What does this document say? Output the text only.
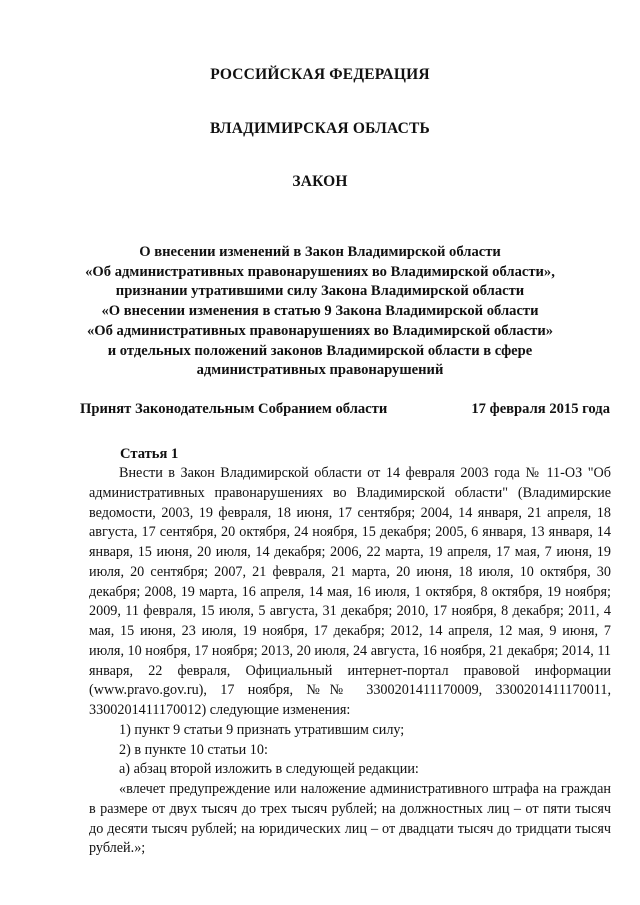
РОССИЙСКАЯ ФЕДЕРАЦИЯ
ВЛАДИМИРСКАЯ ОБЛАСТЬ
ЗАКОН
О внесении изменений в Закон Владимирской области
«Об административных правонарушениях во Владимирской области»,
признании утратившими силу Закона Владимирской области
«О внесении изменения в статью 9 Закона Владимирской области
«Об административных правонарушениях во Владимирской области»
и отдельных положений законов Владимирской области в сфере
административных правонарушений
Принят Законодательным Собранием области	17 февраля 2015 года
Статья 1

Внести в Закон Владимирской области от 14 февраля 2003 года № 11-ОЗ "Об административных правонарушениях во Владимирской области" (Владимирские ведомости, 2003, 19 февраля, 18 июня, 17 сентября; 2004, 14 января, 21 апреля, 18 августа, 17 сентября, 20 октября, 24 ноября, 15 декабря; 2005, 6 января, 13 января, 14 января, 15 июня, 20 июля, 14 декабря; 2006, 22 марта, 19 апреля, 17 мая, 7 июня, 19 июля, 20 сентября; 2007, 21 февраля, 21 марта, 20 июня, 18 июля, 10 октября, 30 декабря; 2008, 19 марта, 16 апреля, 14 мая, 16 июля, 1 октября, 8 октября, 19 ноября; 2009, 11 февраля, 15 июля, 5 августа, 31 декабря; 2010, 17 ноября, 8 декабря; 2011, 4 мая, 15 июня, 23 июля, 19 ноября, 17 декабря; 2012, 14 апреля, 12 мая, 9 июня, 7 июля, 10 ноября, 17 ноября; 2013, 20 июля, 24 августа, 16 ноября, 21 декабря; 2014, 11 января, 22 февраля, Официальный интернет-портал правовой информации (www.pravo.gov.ru), 17 ноября, №№ 3300201411170009, 3300201411170011, 3300201411170012) следующие изменения:

1) пункт 9 статьи 9 признать утратившим силу;

2) в пункте 10 статьи 10:

а) абзац второй изложить в следующей редакции:

«влечет предупреждение или наложение административного штрафа на граждан в размере от двух тысяч до трех тысяч рублей; на должностных лиц – от пяти тысяч до десяти тысяч рублей; на юридических лиц – от двадцати тысяч до тридцати тысяч рублей.»;
